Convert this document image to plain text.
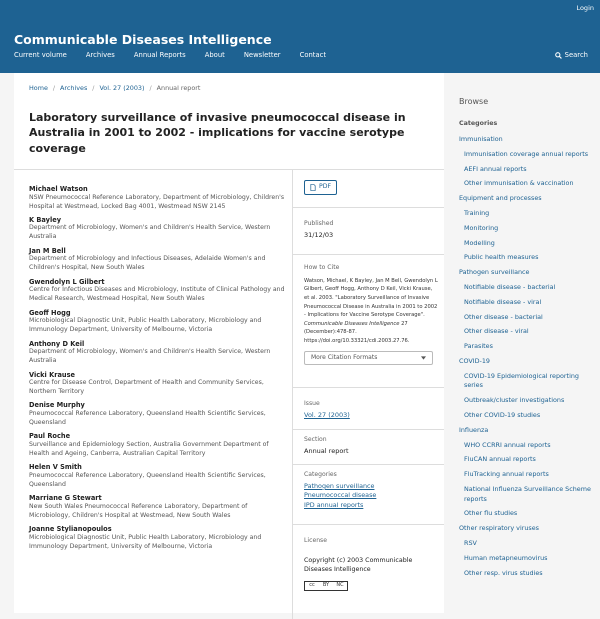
Login
Communicable Diseases Intelligence
Current volume	Archives	Annual Reports	About	Newsletter	Contact	Search
Home / Archives / Vol. 27 (2003) / Annual report
Laboratory surveillance of invasive pneumococcal disease in Australia in 2001 to 2002 - implications for vaccine serotype coverage
Michael Watson
NSW Pneumococcal Reference Laboratory, Department of Microbiology, Children's Hospital at Westmead, Locked Bag 4001, Westmead NSW 2145
K Bayley
Department of Microbiology, Women's and Children's Health Service, Western Australia
Jan M Bell
Department of Microbiology and Infectious Diseases, Adelaide Women's and Children's Hospital, New South Wales
Gwendolyn L Gilbert
Centre for Infectious Diseases and Microbiology, Institute of Clinical Pathology and Medical Research, Westmead Hospital, New South Wales
Geoff Hogg
Microbiological Diagnostic Unit, Public Health Laboratory, Microbiology and Immunology Department, University of Melbourne, Victoria
Anthony D Keil
Department of Microbiology, Women's and Children's Health Service, Western Australia
Vicki Krause
Centre for Disease Control, Department of Health and Community Services, Northern Territory
Denise Murphy
Pneumococcal Reference Laboratory, Queensland Health Scientific Services, Queensland
Paul Roche
Surveillance and Epidemiology Section, Australia Government Department of Health and Ageing, Canberra, Australian Capital Territory
Helen V Smith
Pneumococcal Reference Laboratory, Queensland Health Scientific Services, Queensland
Marriane G Stewart
New South Wales Pneumococcal Reference Laboratory, Department of Microbiology, Children's Hospital at Westmead, New South Wales
Joanne Stylianopoulos
Microbiological Diagnostic Unit, Public Health Laboratory, Microbiology and Immunology Department, University of Melbourne, Victoria
PDF
Published
31/12/03
How to Cite
Watson, Michael, K Bayley, Jan M Bell, Gwendolyn L Gilbert, Geoff Hogg, Anthony D Keil, Vicki Krause, et al. 2003. "Laboratory Surveillance of Invasive Pneumococcal Disease in Australia in 2001 to 2002 - Implications for Vaccine Serotype Coverage". Communicable Diseases Intelligence 27 (December):478-87. https://doi.org/10.33321/cdi.2003.27.76.
More Citation Formats
Issue
Vol. 27 (2003)
Section
Annual report
Categories
Pathogen surveillance
Pneumococcal disease
IPD annual reports
License
Copyright (c) 2003 Communicable Diseases Intelligence
cc	BY	NC
Browse
Categories
Immunisation
Immunisation coverage annual reports
AEFI annual reports
Other immunisation & vaccination
Equipment and processes
Training
Monitoring
Modelling
Public health measures
Pathogen surveillance
Notifiable disease - bacterial
Notifiable disease - viral
Other disease - bacterial
Other disease - viral
Parasites
COVID-19
COVID-19 Epidemiological reporting series
Outbreak/cluster investigations
Other COVID-19 studies
Influenza
WHO CCRRI annual reports
FluCAN annual reports
FluTracking annual reports
National Influenza Surveillance Scheme reports
Other flu studies
Other respiratory viruses
RSV
Human metapneumovirus
Other resp. virus studies
